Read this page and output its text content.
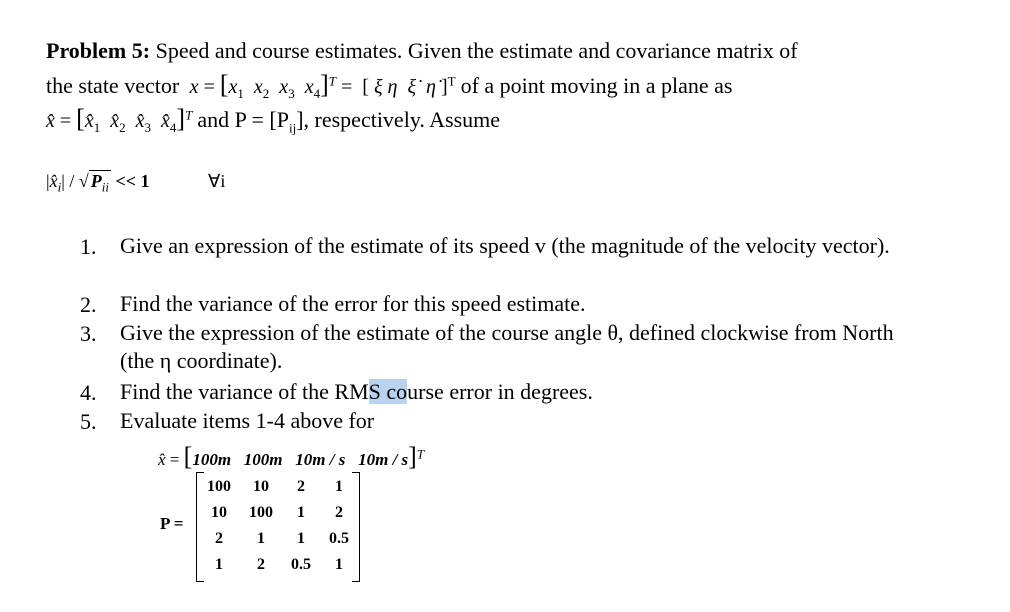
Problem 5: Speed and course estimates. Given the estimate and covariance matrix of
the state vector $x = [x_1$ $x_2$ $x_3$ $x_4]^T$ =  [ ξ η ξ̇ η̇ ]$^T$ of a point moving in a plane as
x̂ = [$x̂_1$ $x̂_2$ $x̂_3$ $x̂_4]^T$ and $P = [P_{ij}]$, respectively. Assume
$|x̂_i|$ / √ $P_{ii} << 1$	∀i
1. Give an expression of the estimate of its speed v (the magnitude of the velocity vector).
2. Find the variance of the error for this speed estimate.
3. Give the expression of the estimate of the course angle θ, defined clockwise from North (the η coordinate).
4. Find the variance of the RMS course error in degrees.
5. Evaluate items 1-4 above for
x̂ = [100m 100m 10m / s 10m / s]$^T$
P =
100	10	2	1
10	100	1	2
2	1	1	0.5
1	2	0.5	1
